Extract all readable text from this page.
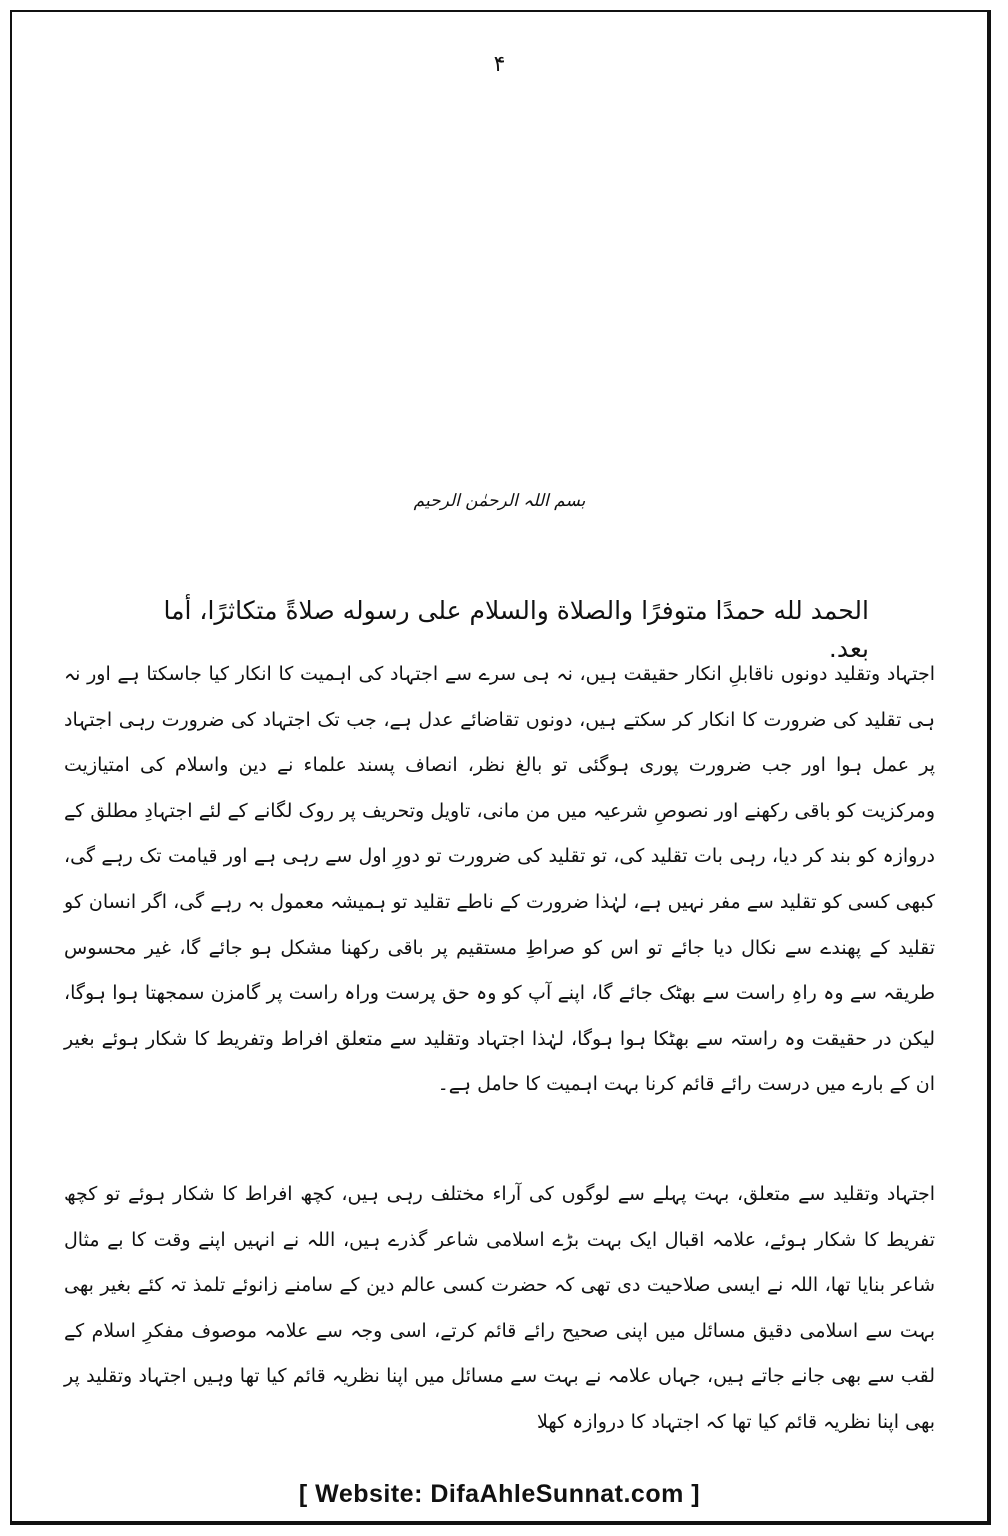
۴
بسم اللہ الرحمٰن الرحیم
الحمد لله حمدًا متوفرًا والصلاة والسلام على رسوله صلاةً متكاثرًا، أما بعد.
اجتہاد وتقلید دونوں ناقابلِ انکار حقیقت ہیں، نہ ہی سرے سے اجتہاد کی اہمیت کا انکار کیا جاسکتا ہے اور نہ ہی تقلید کی ضرورت کا انکار کر سکتے ہیں، دونوں تقاضائے عدل ہے، جب تک اجتہاد کی ضرورت رہی اجتہاد پر عمل ہوا اور جب ضرورت پوری ہوگئی تو بالغ نظر، انصاف پسند علماء نے دین واسلام کی امتیازیت ومرکزیت کو باقی رکھنے اور نصوصِ شرعیہ میں من مانی، تاویل وتحریف پر روک لگانے کے لئے اجتہادِ مطلق کے دروازہ کو بند کر دیا، رہی بات تقلید کی، تو تقلید کی ضرورت تو دورِ اول سے رہی ہے اور قیامت تک رہے گی، کبھی کسی کو تقلید سے مفر نہیں ہے، لہٰذا ضرورت کے ناطے تقلید تو ہمیشہ معمول بہ رہے گی، اگر انسان کو تقلید کے پھندے سے نکال دیا جائے تو اس کو صراطِ مستقیم پر باقی رکھنا مشکل ہو جائے گا، غیر محسوس طریقہ سے وہ راہِ راست سے بھٹک جائے گا، اپنے آپ کو وہ حق پرست وراہ راست پر گامزن سمجھتا ہوا ہوگا، لیکن در حقیقت وہ راستہ سے بھٹکا ہوا ہوگا، لہٰذا اجتہاد وتقلید سے متعلق افراط وتفریط کا شکار ہوئے بغیر ان کے بارے میں درست رائے قائم کرنا بہت اہمیت کا حامل ہے۔
اجتہاد وتقلید سے متعلق، بہت پہلے سے لوگوں کی آراء مختلف رہی ہیں، کچھ افراط کا شکار ہوئے تو کچھ تفریط کا شکار ہوئے، علامہ اقبال ایک بہت بڑے اسلامی شاعر گذرے ہیں، اللہ نے انہیں اپنے وقت کا بے مثال شاعر بنایا تھا، اللہ نے ایسی صلاحیت دی تھی کہ حضرت کسی عالم دین کے سامنے زانوئے تلمذ تہ کئے بغیر بھی بہت سے اسلامی دقیق مسائل میں اپنی صحیح رائے قائم کرتے، اسی وجہ سے علامہ موصوف مفکرِ اسلام کے لقب سے بھی جانے جاتے ہیں، جہاں علامہ نے بہت سے مسائل میں اپنا نظریہ قائم کیا تھا وہیں اجتہاد وتقلید پر بھی اپنا نظریہ قائم کیا تھا کہ اجتہاد کا دروازہ کھلا
[ Website: DifaAhleSunnat.com ]
